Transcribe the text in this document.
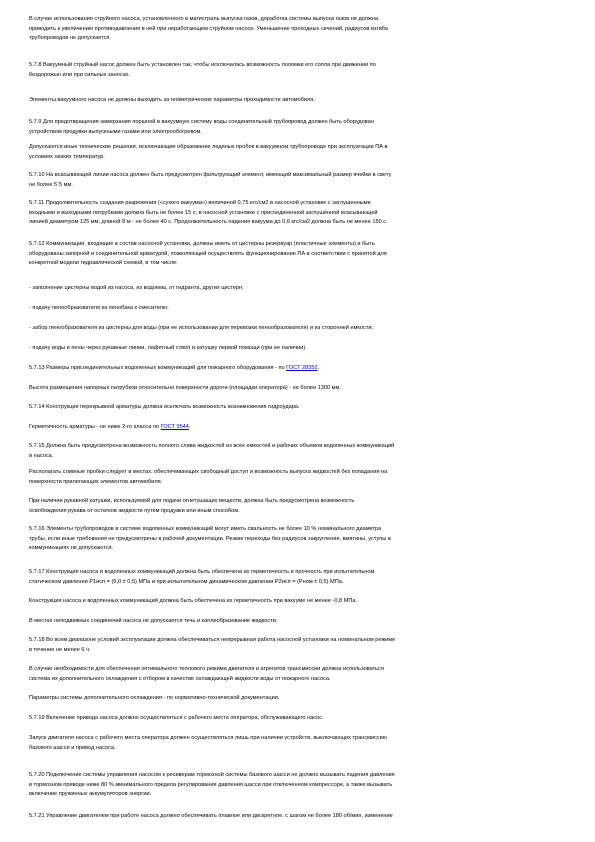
В случае использования струйного насоса, установленного в магистраль выпуска газов, доработка системы выпуска газов не должна
приводить к увеличению противодавления в ней при неработающем струйном насосе. Уменьшение проходных сечений, радиусов изгиба
трубопроводов не допускается.
5.7.8 Вакуумный струйный насос должен быть установлен так, чтобы исключалась возможность поломки его сопла при движении по
бездорожью или при сильных заносах.
Элементы вакуумного насоса не должны выходить за геометрические параметры проходимости автомобиля.
5.7.9 Для предотвращения замерзания поршней в вакуумную систему воды соединительный трубопровод должен быть оборудован
устройством продувки выпускными газами или электрообогревом.
Допускаются иные технические решения, исключающие образование ледяных пробок в вакуумном трубопроводе при эксплуатации ПА в
условиях низких температур.
5.7.10 На всасывающей линии насоса должен быть предусмотрен фильтрующий элемент, имеющий максимальный размер ячейки в свету
не более 5ˇ5 мм.
5.7.11 Продолжительность создания разрежения («сухого вакуума») величиной 0,75 кгс/см2 в насосной установке с заглушенными
входными и выходными патрубками должна быть не более 15 с; в насосной установке с присоединенной заглушённой всасывающей
линией диаметром 125 мм, длиной 8 м - не более 40 с. Продолжительность падения вакуума до 0,6 кгс/см2 должна быть не менее 150 с.
5.7.12 Коммуникации, входящие в состав насосной установки, должны иметь от цистерны резервуар (пластичные элементы) и быть
оборудованы запорной и соединительной арматурой, позволяющей осуществлять функционирование ПА в соответствии с принятой для
конкретной модели гидравлической схемой, в том числе:
- заполнение цистерны водой из насоса, из водоема, от гидранта, других цистерн;
- подачу пенообразователя из пенобака к смесителю;
- забор пенообразователя из цистерны для воды (при ее использовании для перевозки пенообразователя) и из сторонней емкости;
- подачу воды и пены через рукавные линии, лафетный ствол и катушку первой помощи (при ее наличии).
5.7.13 Размеры присоединительных водопенных коммуникаций для пожарного оборудования - по ГОСТ 28352.
Высота размещения напорных патрубков относительно поверхности дороги (площадки оператора) - не более 1300 мм.
5.7.14 Конструкция перекрывной арматуры должна исключать возможность возникновения гидроудара.
Герметичность арматуры - не ниже 2-го класса по ГОСТ 9544.
5.7.15 Должна быть предусмотрена возможность полного слива жидкостей из всех емкостей и рабочих объемов водопенных коммуникаций
и насоса.
Располагать сливные пробки следует в местах, обеспечивающих свободный доступ и возможность выпуска жидкостей без попадания на
поверхности прилегающих элементов автомобиля.
При наличии рукавной катушки, используемой для подачи огнетушащих веществ, должна быть предусмотрена возможность
освобождения рукава от остатков жидкости путем продувки или иным способом.
5.7.16 Элементы трубопроводов в системе водопенных коммуникаций могут иметь свальность не более 10 % номинального диаметра
трубы, если иные требования не предусмотрены в рабочей документации. Резкие переходы без радиусов закругления, вмятины, уступы в
коммуникациях не допускаются.
5.7.17 Конструкция насоса и водопенных коммуникаций должна быть обеспечена их герметичность и прочность при испытательном
статическом давлении P1исп = (6,0 ± 0,5) МПа и при испытательном динамическом давлении P2исп = (Pном ± 0,5) МПа.
Конструкция насоса и водопенных коммуникаций должна быть обеспечена их герметичность при вакууме не менее -0,8 МПа.
В местах неподвижных соединений насоса не допускается течь и каплеобразование жидкости.
5.7.18 Во всем диапазоне условий эксплуатации должна обеспечиваться непрерывная работа насосной установки на номинальном режиме
в течение не менее 6 ч.
В случае необходимости для обеспечения оптимального теплового режима двигателя и агрегатов трансмиссии должна использоваться
система их дополнительного охлаждения с отбором в качестве охлаждающей жидкости воды от пожарного насоса.
Параметры системы дополнительного охлаждения - по нормативно-технической документации.
5.7.19 Включение привода насоса должно осуществляться с рабочего места оператора, обслуживающего насос.
Запуск двигателя насоса с рабочего места оператора должен осуществляться лишь при наличии устройств, выключающих трансмиссию
базового шасси и привод насоса.
5.7.20 Подключение системы управления насосом к ресиверам тормозной системы базового шасси не должно вызывать падения давления
в тормозном приводе ниже 80 % минимального предела регулирования давления шасси при отключенном компрессоре, а также вызывать
включение пружинных аккумуляторов энергии.
5.7.21 Управление двигателем при работе насоса должно обеспечивать плавное или дискретное, с шагом не более 180 об/мин, изменение
